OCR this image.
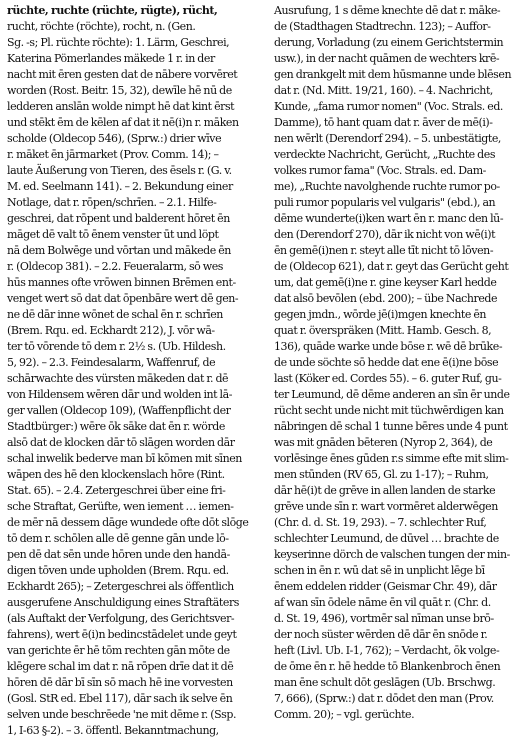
rüchte, ruchte (rüchte, rügte), rücht,
rucht, röchte (röchte), rocht, n. (Gen.
Sg. -s; Pl. rüchte röchte): 1. Lärm, Geschrei,
Katerina Pömerlandes mäkede 1 r. in der
nacht mit ēren gesten dat de nābere vorvēret
worden (Rost. Beitr. 15, 32), dewīle hē nū de
ledderen anslān wolde nimpt hē dat kint ērst
und stēkt ēm de kēlen af dat it nē(i)n r. māken
scholde (Oldecop 546), (Sprw.:) drier wīve
r. māket ēn jārmarket (Prov. Comm. 14); –
laute Äußerung von Tieren, des ēsels r. (G. v.
M. ed. Seelmann 141). – 2. Bekundung einer
Notlage, dat r. rōpen/schrīen. – 2.1. Hilfe-
geschrei, dat rōpent und balderent hōret ēn
māget dē valt tō ēnem venster ūt und löpt
nā dem Bolwēge und vōrtan und mākede ēn
r. (Oldecop 381). – 2.2. Feueralarm, sō wes
hūs mannes ofte vrōwen binnen Brēmen ent-
venget wert sō dat dat ōpenbāre wert dē gen-
ne dē dār inne wōnet de schal ēn r. schrīen
(Brem. Rqu. ed. Eckhardt 212), J. vōr wā-
ter tō vōrende tō dem r. 2½ s. (Ub. Hildesh.
5, 92). – 2.3. Feindesalarm, Waffenruf, de
schārwachte des vürsten mākeden dat r. dē
von Hildensem wēren dār und wolden int lā-
ger vallen (Oldecop 109), (Waffenpflicht der
Stadtbürger:) wēre ōk sāke dat ēn r. wörde
alsō dat de klocken dār tō slāgen worden dār
schal inwelik bederve man bī kōmen mit sīnen
wāpen des hē den klockenslach hōre (Rint.
Stat. 65). – 2.4. Zetergeschrei über eine fri-
sche Straftat, Gerüfte, wen iement … iemen-
de mēr nā dessem dāge wundede ofte dōt slōge
tō dem r. schōlen alle dē genne gān unde lō-
pen dē dat sēn unde hōren unde den handā-
digen tōven unde upholden (Brem. Rqu. ed.
Eckhardt 265); – Zetergeschrei als öffentlich
ausgerufene Anschuldigung eines Straftäters
(als Auftakt der Verfolgung, des Gerichtsver-
fahrens), wert ē(i)n bedincstādelet unde geyt
van gerichte ēr hē tōm rechten gān mōte de
klēgere schal im dat r. nā rōpen drīe dat it dē
hōren dē dār bī sīn sō mach hē ine vorvesten
(Gosl. StR ed. Ebel 117), dār sach ik selve ēn
selven unde beschrēede 'ne mit dēme r. (Ssp.
1, I-63 §-2). – 3. öffentl. Bekanntmachung,
Ausrufung, 1 s dēme knechte dē dat r. māke-
de (Stadthagen Stadtrechn. 123); – Auffor-
derung, Vorladung (zu einem Gerichtstermin
usw.), in der nacht quāmen de wechters krē-
gen drankgelt mit dem hūsmanne unde blēsen
dat r. (Nd. Mitt. 19/21, 160). – 4. Nachricht,
Kunde, „fama rumor nomen" (Voc. Strals. ed.
Damme), tō hant quam dat r. āver de mē(i)-
nen wērlt (Derendorf 294). – 5. unbestätigte,
verdeckte Nachricht, Gerücht, „Ruchte des
volkes rumor fama" (Voc. Strals. ed. Dam-
me), „Ruchte navolghende ruchte rumor po-
puli rumor popularis vel vulgaris" (ebd.), an
dēme wunderte(i)ken wart ēn r. manc den lū-
den (Derendorf 270), dār ik nicht von wē(i)t
ēn gemē(i)nen r. steyt alle tīt nicht tō lōven-
de (Oldecop 621), dat r. geyt das Gerücht geht
um, dat gemē(i)ne r. gine keyser Karl hedde
dat alsō bevōlen (ebd. 200); – übe Nachrede
gegen jmdn., wōrde jē(i)mgen knechte ēn
quat r. överspräken (Mitt. Hamb. Gesch. 8,
136), quāde warke unde bōse r. wē dē brūke-
de unde söchte sō hedde dat ene ē(i)ne bōse
last (Köker ed. Cordes 55). – 6. guter Ruf, gu-
ter Leumund, dē dēme anderen an sīn ēr unde
rücht secht unde nicht mit tüchwērdigen kan
nābringen dē schal 1 tunne bēres unde 4 punt
was mit gnāden bēteren (Nyrop 2, 364), de
vorlēsinge ēnes gūden r.s simme efte mit slim-
men stūnden (RV 65, Gl. zu 1-17); – Ruhm,
dār hē(i)t de grēve in allen landen de starke
grēve unde sīn r. wart vormēret alderwēgen
(Chr. d. d. St. 19, 293). – 7. schlechter Ruf,
schlechter Leumund, de dūvel … brachte de
keyserinne dörch de valschen tungen der min-
schen in ēn r. wū dat sē in unplicht lēge bī
ēnem eddelen ridder (Geismar Chr. 49), dār
af wan sīn ōdele nāme ēn vil quāt r. (Chr. d.
d. St. 19, 496), vortmēr sal nīman unse brō-
der noch süster wērden dē dār ēn snōde r.
heft (Livl. Ub. I-1, 762); – Verdacht, ōk volge-
de ōme ēn r. hē hedde tō Blankenbroch ēnen
man ēne schult dōt geslāgen (Ub. Brschwg.
7, 666), (Sprw.:) dat r. dōdet den man (Prov.
Comm. 20); – vgl. gerüchte.
